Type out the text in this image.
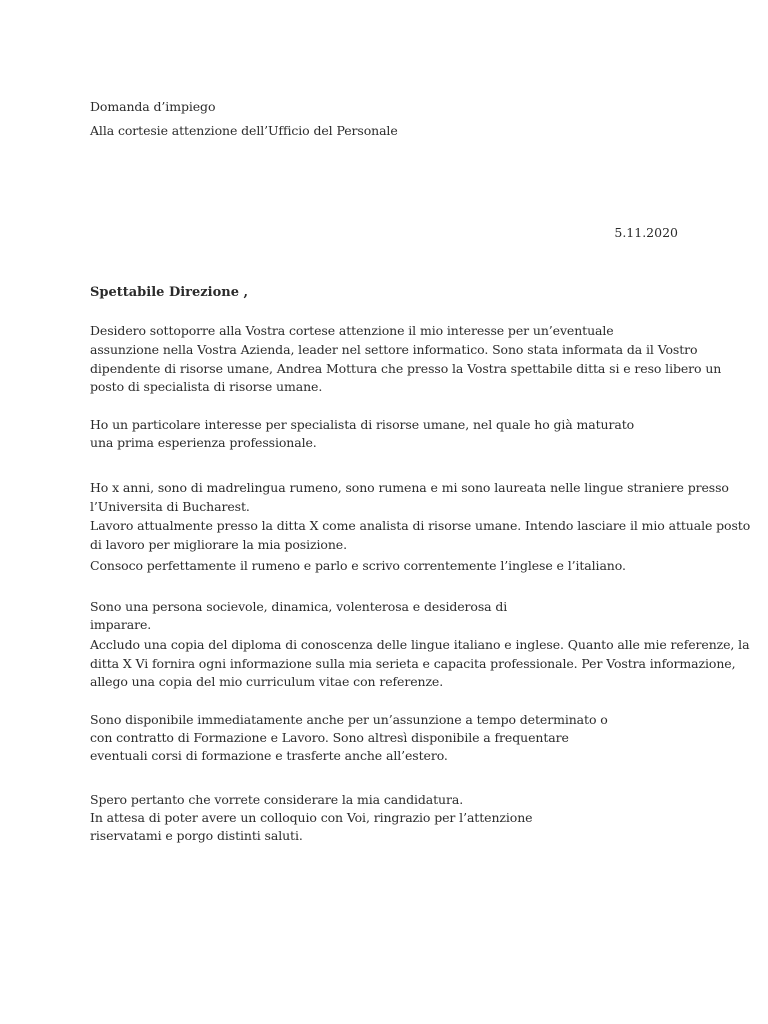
Domanda d’impiego
Alla cortesie attenzione dell’Ufficio del Personale
5.11.2020
Spettabile Direzione ,
Desidero sottoporre alla Vostra cortese attenzione il mio interesse per un’eventuale
assunzione nella Vostra Azienda, leader nel settore informatico. Sono stata informata da il Vostro
dipendente di risorse umane, Andrea Mottura che presso la Vostra spettabile ditta si e reso libero un
posto di specialista di risorse umane.
Ho un particolare interesse per specialista di risorse umane, nel quale ho già maturato
una prima esperienza professionale.
Ho x anni, sono di madrelingua rumeno, sono rumena e mi sono laureata nelle lingue straniere presso
l’Universita di Bucharest.
Lavoro attualmente presso la ditta X come analista di risorse umane. Intendo lasciare il mio attuale posto
di lavoro per migliorare la mia posizione.
Consoco perfettamente il rumeno e parlo e scrivo correntemente l’inglese e l’italiano.
Sono una persona socievole, dinamica, volenterosa e desiderosa di
imparare.
Accludo una copia del diploma di conoscenza delle lingue italiano e inglese. Quanto alle mie referenze, la
ditta X Vi fornira ogni informazione sulla mia serieta e capacita professionale. Per Vostra informazione,
allego una copia del mio curriculum vitae con referenze.
Sono disponibile immediatamente anche per un’assunzione a tempo determinato o
con contratto di Formazione e Lavoro. Sono altresì disponibile a frequentare
eventuali corsi di formazione e trasferte anche all’estero.
Spero pertanto che vorrete considerare la mia candidatura.
In attesa di poter avere un colloquio con Voi, ringrazio per l’attenzione
riservatami e porgo distinti saluti.
